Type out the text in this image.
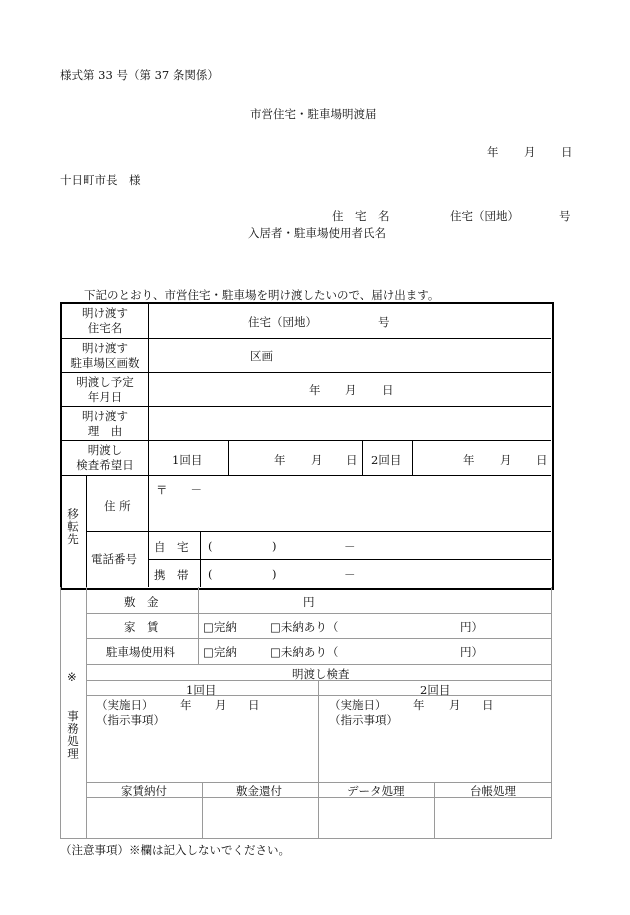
様式第 33 号（第 37 条関係）
市営住宅・駐車場明渡届
年 月 日
十日町市長　様
住　宅　名	住宅（団地）	号
入居者・駐車場使用者氏名
下記のとおり、市営住宅・駐車場を明け渡したいので、届け出ます。
明け渡す
住宅名	住宅（団地）	号
明け渡す
駐車場区画数	区画
明渡し予定
年月日	年 月 日
明け渡す
理　由
明渡し
検査希望日	1回目	年 月 日 2回目	年 月 日
移転先
住 所
〒　　－
電話番号
自　宅 (	)	－
携　帯 (	)	－
※
事務処理
敷　金	円
家　賃	□完納	□未納あり（	円）
駐車場使用料 □完納	□未納あり（	円）
明渡し検査
1回目	2回目
（実施日） 年 月 日
（指示事項）
（実施日） 年 月 日
（指示事項）
家賃納付	敷金還付	データ処理	台帳処理
（注意事項）※欄は記入しないでください。
